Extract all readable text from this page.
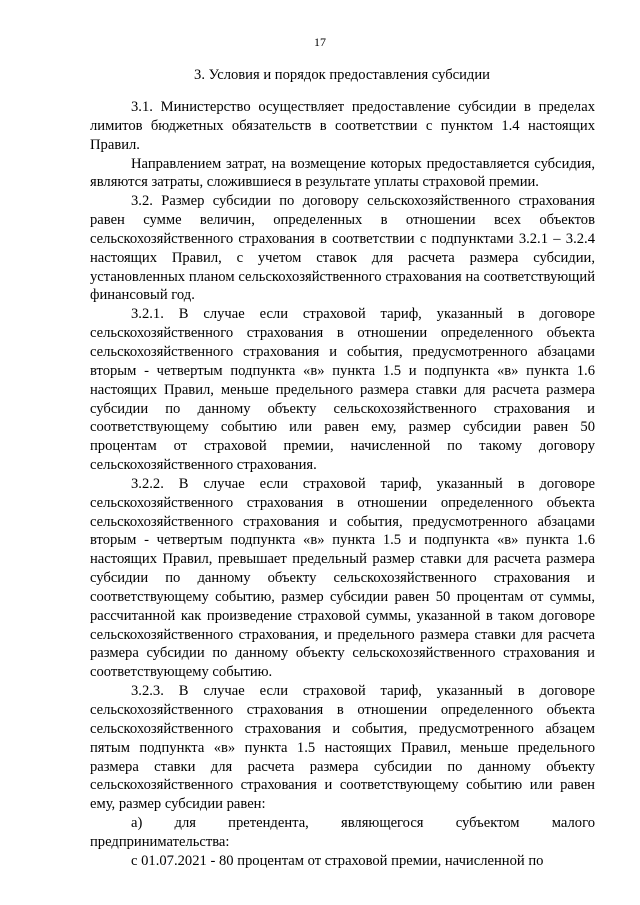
17
3. Условия и порядок предоставления субсидии

3.1. Министерство осуществляет предоставление субсидии в пределах лимитов бюджетных обязательств в соответствии с пунктом 1.4 настоящих Правил.

Направлением затрат, на возмещение которых предоставляется субсидия, являются затраты, сложившиеся в результате уплаты страховой премии.

3.2. Размер субсидии по договору сельскохозяйственного страхования равен сумме величин, определенных в отношении всех объектов сельскохозяйственного страхования в соответствии с подпунктами 3.2.1 – 3.2.4 настоящих Правил, с учетом ставок для расчета размера субсидии, установленных планом сельскохозяйственного страхования на соответствующий финансовый год.

3.2.1. В случае если страховой тариф, указанный в договоре сельскохозяйственного страхования в отношении определенного объекта сельскохозяйственного страхования и события, предусмотренного абзацами вторым - четвертым подпункта «в» пункта 1.5 и подпункта «в» пункта 1.6 настоящих Правил, меньше предельного размера ставки для расчета размера субсидии по данному объекту сельскохозяйственного страхования и соответствующему событию или равен ему, размер субсидии равен 50 процентам от страховой премии, начисленной по такому договору сельскохозяйственного страхования.

3.2.2. В случае если страховой тариф, указанный в договоре сельскохозяйственного страхования в отношении определенного объекта сельскохозяйственного страхования и события, предусмотренного абзацами вторым - четвертым подпункта «в» пункта 1.5 и подпункта «в» пункта 1.6 настоящих Правил, превышает предельный размер ставки для расчета размера субсидии по данному объекту сельскохозяйственного страхования и соответствующему событию, размер субсидии равен 50 процентам от суммы, рассчитанной как произведение страховой суммы, указанной в таком договоре сельскохозяйственного страхования, и предельного размера ставки для расчета размера субсидии по данному объекту сельскохозяйственного страхования и соответствующему событию.

3.2.3. В случае если страховой тариф, указанный в договоре сельскохозяйственного страхования в отношении определенного объекта сельскохозяйственного страхования и события, предусмотренного абзацем пятым подпункта «в» пункта 1.5 настоящих Правил, меньше предельного размера ставки для расчета размера субсидии по данному объекту сельскохозяйственного страхования и соответствующему событию или равен ему, размер субсидии равен:

а) для претендента, являющегося субъектом малого предпринимательства:

с 01.07.2021 - 80 процентам от страховой премии, начисленной по
